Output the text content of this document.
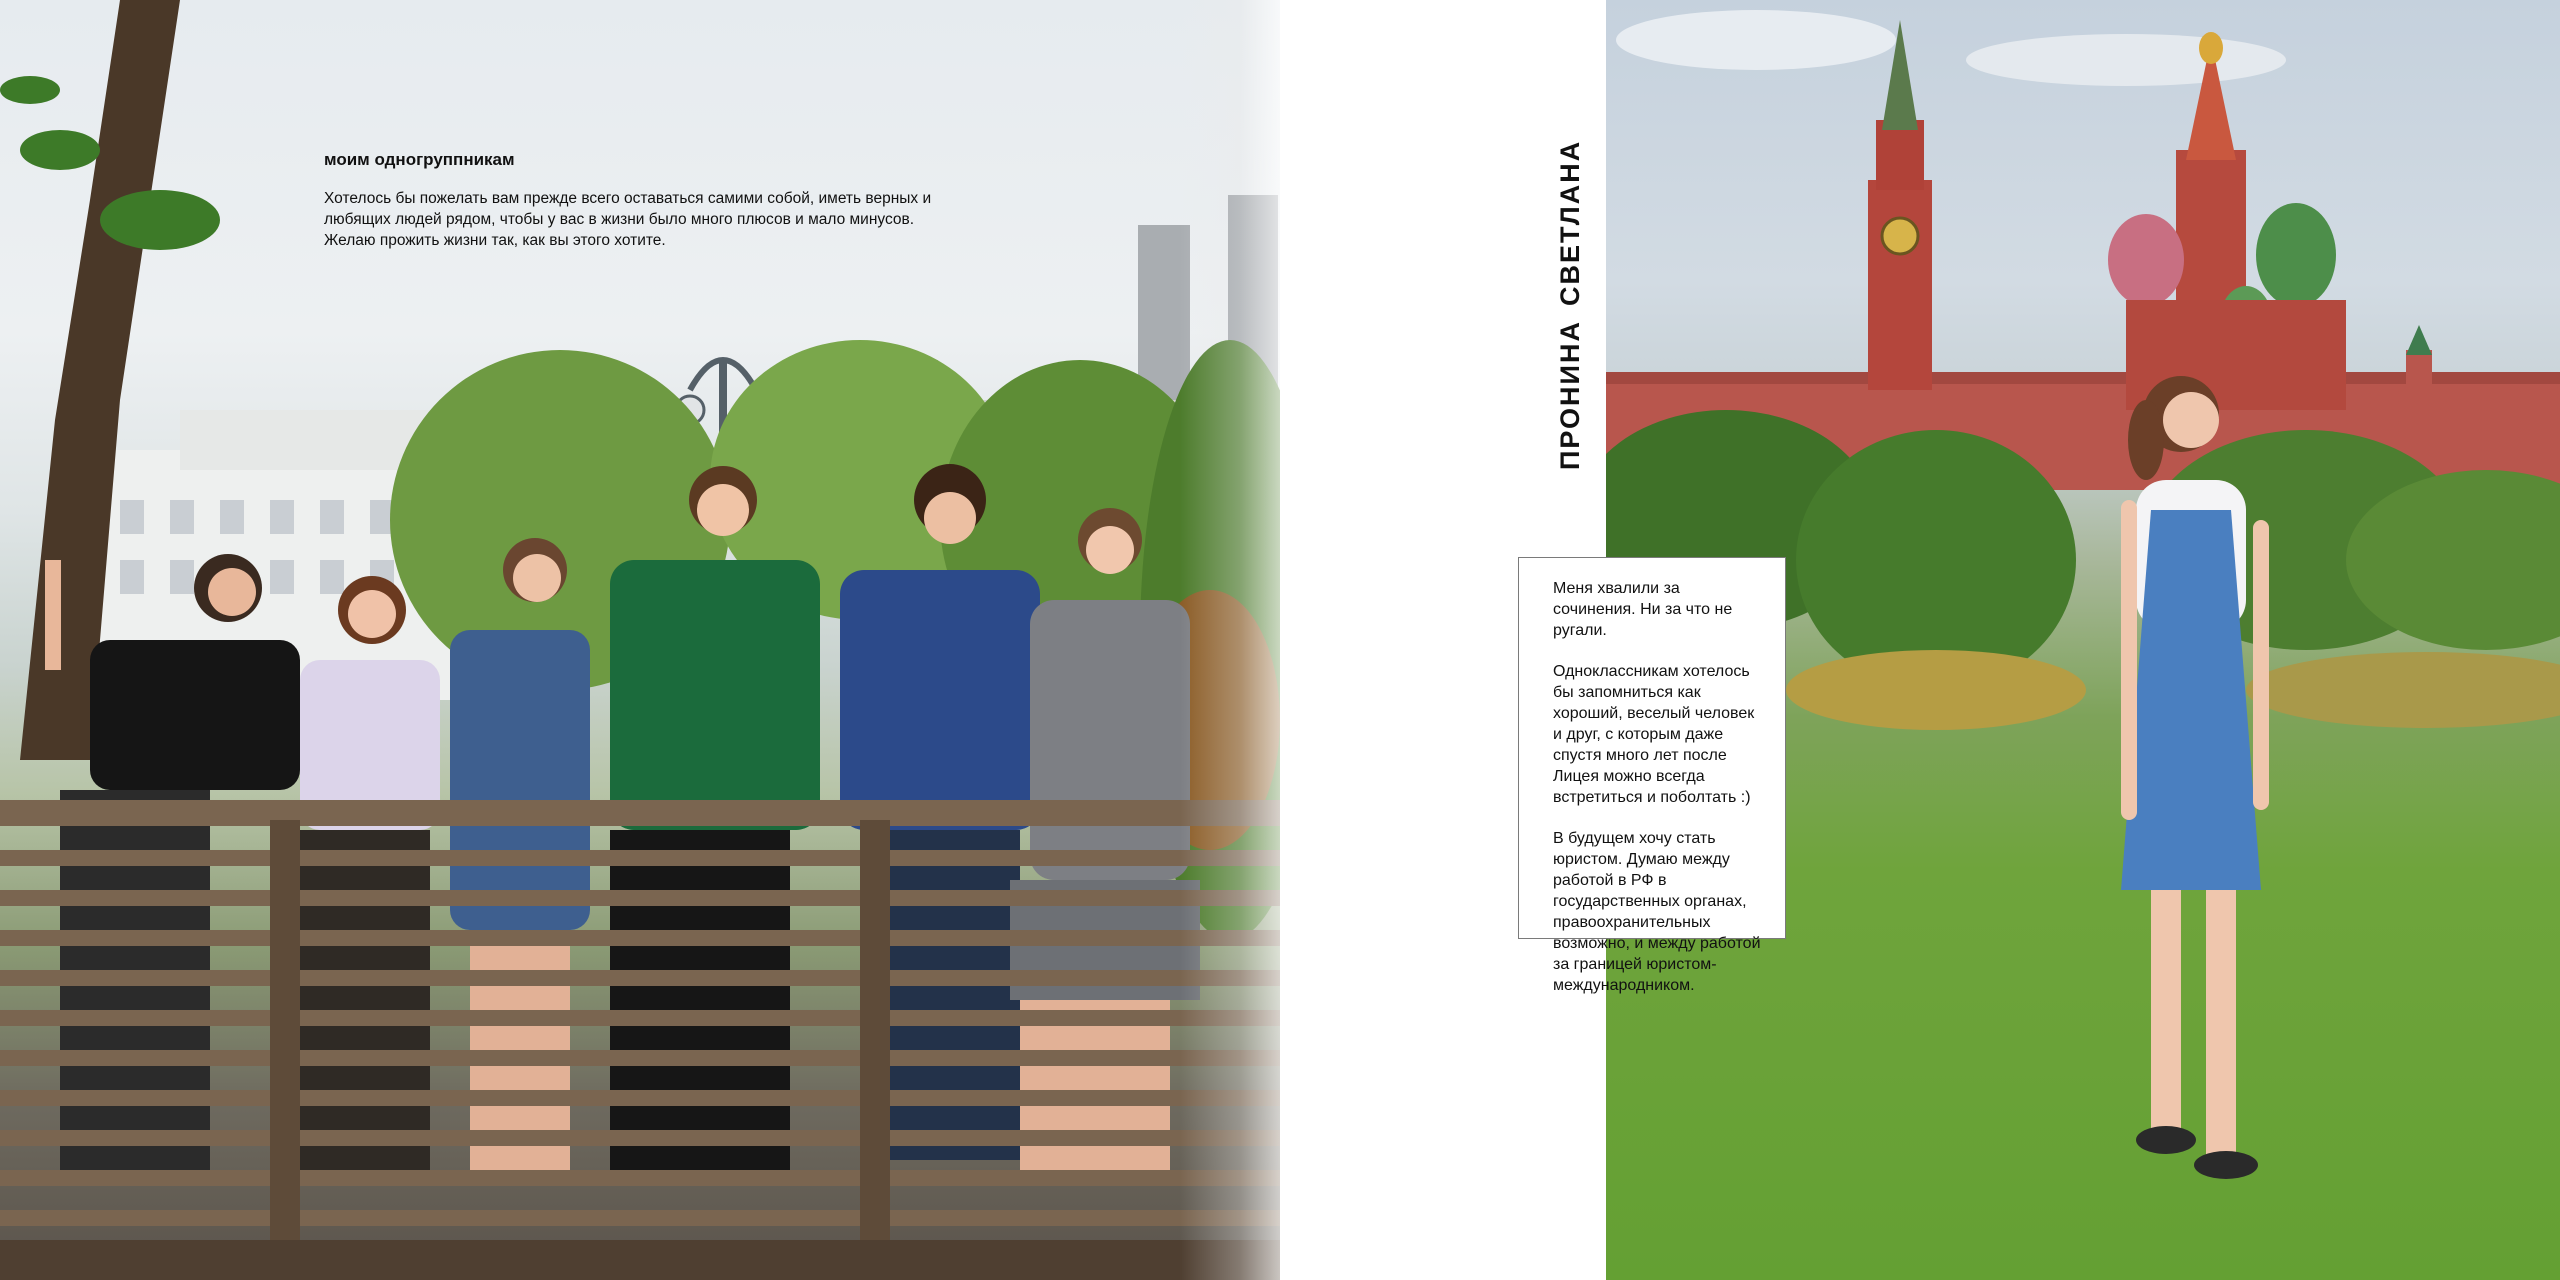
моим одногруппникам

Хотелось бы пожелать вам прежде всего оставаться самими собой, иметь верных и любящих людей рядом, чтобы у вас в жизни было много плюсов и мало минусов. Желаю прожить жизни так, как вы этого хотите.

ПРОНИНАСВЕТЛАНА

Меня хвалили за сочинения. Ни за что не ругали.

Одноклассникам хотелось бы запомниться как хороший, веселый человек и друг, с которым даже спустя много лет после Лицея можно всегда встретиться и поболтать :)

В будущем хочу стать юристом. Думаю между работой в РФ в государственных органах, правоохранительных возможно, и между работой за границей юристом-международником.
